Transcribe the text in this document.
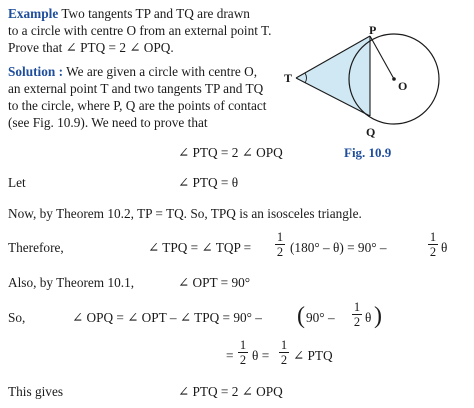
Example Two tangents TP and TQ are drawn
to a circle with centre O from an external point T.
Prove that ∠ PTQ = 2 ∠ OPQ.
Solution : We are given a circle with centre O,
an external point T and two tangents TP and TQ
to the circle, where P, Q are the points of contact
(see Fig. 10.9). We need to prove that
P
T
O
Q
Fig. 10.9
∠ PTQ = 2 ∠ OPQ
Let	∠ PTQ = θ
Now, by Theorem 10.2, TP = TQ. So, TPQ is an isosceles triangle.
Therefore,	∠ TPQ = ∠ TQP =
1
2 (180° – θ) = 90° –
1
2 θ
Also, by Theorem 10.1,	∠ OPT = 90°
So,	∠ OPQ = ∠ OPT – ∠ TPQ = 90° – ( 90° –
1
2 θ )
=
1
2 θ =
1
2 ∠ PTQ
This gives	∠ PTQ = 2 ∠ OPQ
